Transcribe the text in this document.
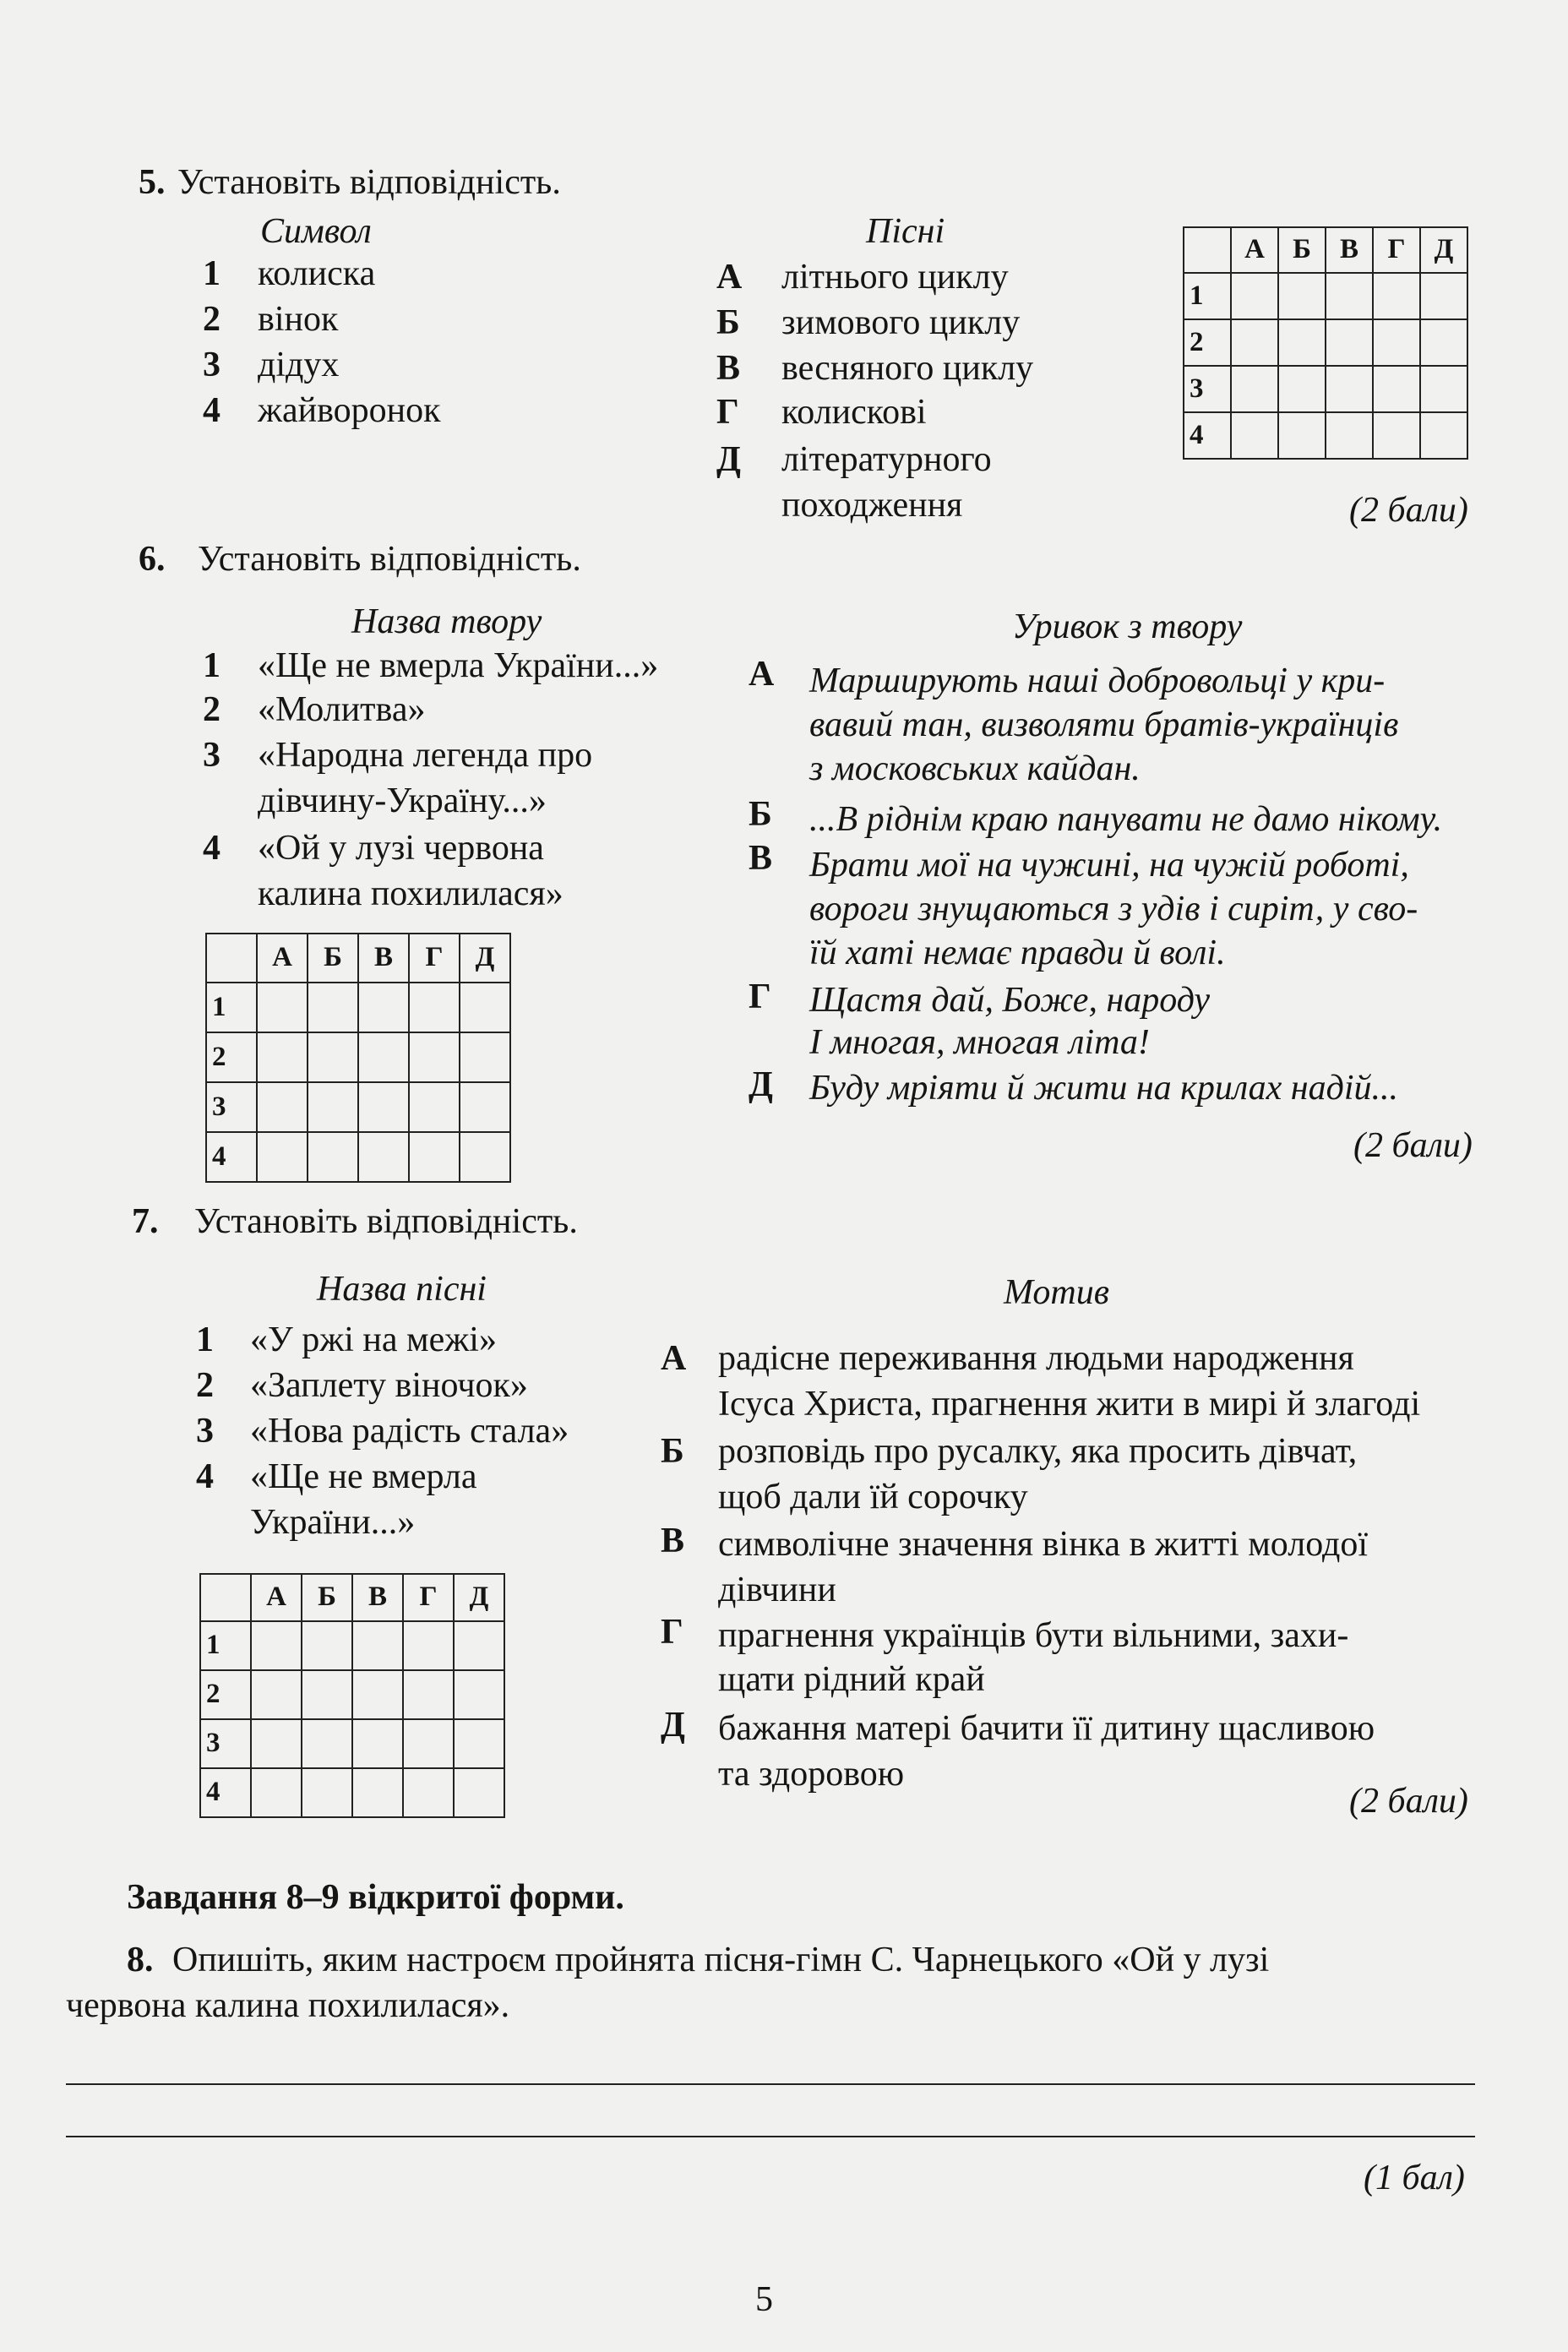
5. Установіть відповідність.
Символ	Пісні
1 колиска
2 вінок
3 дідух
4 жайворонок
А літнього циклу
Б зимового циклу
В весняного циклу
Г колискові
Д літературного
походження
	А	Б	В	Г	Д
1					
2					
3					
4					
(2 бали)
6. Установіть відповідність.
Назва твору	Уривок з твору
1 «Ще не вмерла України...»
2 «Молитва»
3 «Народна легенда про
дівчину-Україну...»
4 «Ой у лузі червона
калина похилилася»
А Марширують наші добровольці у кри-
вавий тан, визволяти братів-українців
з московських кайдан.
Б ...В ріднім краю панувати не дамо нікому.
В Брати мої на чужині, на чужій роботі,
вороги знущаються з удів і сиріт, у сво-
їй хаті немає правди й волі.
Г Щастя дай, Боже, народу
І многая, многая літа!
Д Буду мріяти й жити на крилах надій...
	А	Б	В	Г	Д
1					
2					
3					
4						(2 бали)
7. Установіть відповідність.
Назва пісні	Мотив
1 «У ржі на межі»
2 «Заплету віночок»
3 «Нова радість стала»
4 «Ще не вмерла
України...»
А радісне переживання людьми народження
Ісуса Христа, прагнення жити в мирі й злагоді
Б розповідь про русалку, яка просить дівчат,
щоб дали їй сорочку
В символічне значення вінка в житті молодої
дівчини
Г прагнення українців бути вільними, захи-
щати рідний край
Д бажання матері бачити її дитину щасливою
та здоровою
	А	Б	В	Г	Д
1					
2					
3					
4						(2 бали)
Завдання 8–9 відкритої форми.
8. Опишіть, яким настроєм пройнята пісня-гімн С. Чарнецького «Ой у лузі
червона калина похилилася».
(1 бал)
5
